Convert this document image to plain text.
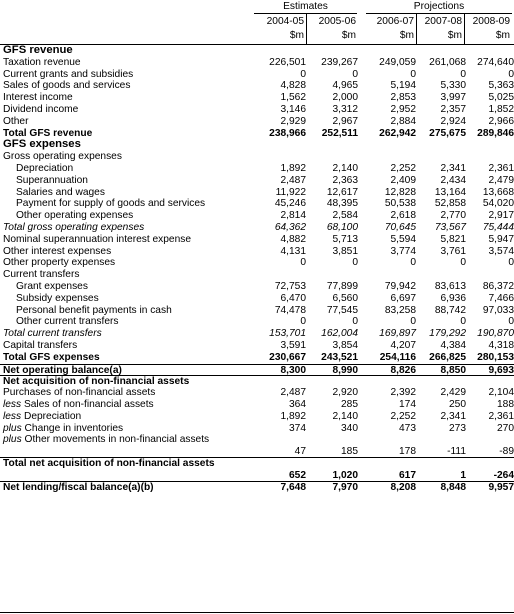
Estimates	Projections
2004-05	2005-06	2006-07	2007-08	2008-09
$m	$m	$m	$m	$m
GFS revenue
Taxation revenue	226,501	239,267	249,059	261,068	274,640
Current grants and subsidies	0	0	0	0	0
Sales of goods and services	4,828	4,965	5,194	5,330	5,363
Interest income	1,562	2,000	2,853	3,997	5,025
Dividend income	3,146	3,312	2,952	2,357	1,852
Other	2,929	2,967	2,884	2,924	2,966
Total GFS revenue	238,966	252,511	262,942	275,675	289,846
GFS expenses
Gross operating expenses
Depreciation	1,892	2,140	2,252	2,341	2,361
Superannuation	2,487	2,363	2,409	2,434	2,479
Salaries and wages	11,922	12,617	12,828	13,164	13,668
Payment for supply of goods and services	45,246	48,395	50,538	52,858	54,020
Other operating expenses	2,814	2,584	2,618	2,770	2,917
Total gross operating expenses	64,362	68,100	70,645	73,567	75,444
Nominal superannuation interest expense	4,882	5,713	5,594	5,821	5,947
Other interest expenses	4,131	3,851	3,774	3,761	3,574
Other property expenses	0	0	0	0	0
Current transfers
Grant expenses	72,753	77,899	79,942	83,613	86,372
Subsidy expenses	6,470	6,560	6,697	6,936	7,466
Personal benefit payments in cash	74,478	77,545	83,258	88,742	97,033
Other current transfers	0	0	0	0	0
Total current transfers	153,701	162,004	169,897	179,292	190,870
Capital transfers	3,591	3,854	4,207	4,384	4,318
Total GFS expenses	230,667	243,521	254,116	266,825	280,153
Net operating balance(a)	8,300	8,990	8,826	8,850	9,693
Net acquisition of non-financial assets
Purchases of non-financial assets	2,487	2,920	2,392	2,429	2,104
less Sales of non-financial assets	364	285	174	250	188
less Depreciation	1,892	2,140	2,252	2,341	2,361
plus Change in inventories	374	340	473	273	270
plus Other movements in non-financial assets
47	185	178	-111	-89
Total net acquisition of non-financial assets
652	1,020	617	1	-264
Net lending/fiscal balance(a)(b)	7,648	7,970	8,208	8,848	9,957
